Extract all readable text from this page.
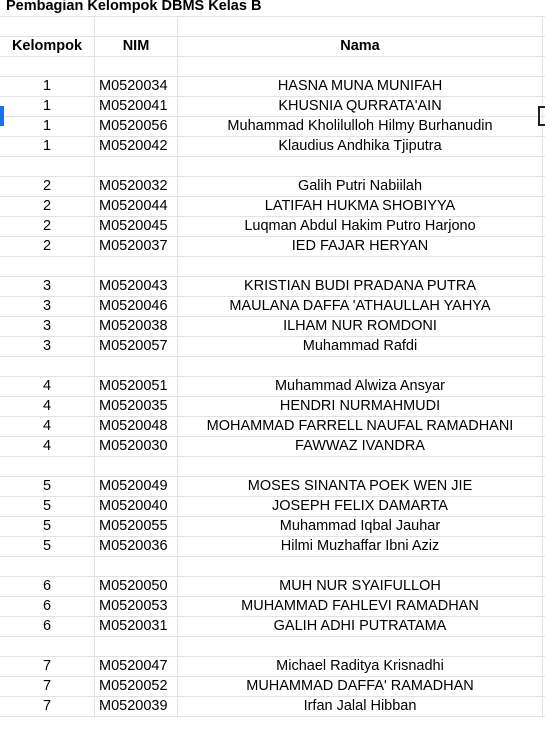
Pembagian Kelompok DBMS Kelas B
Kelompok	NIM	Nama
1	M0520034	HASNA MUNA MUNIFAH
1	M0520041	KHUSNIA QURRATA'AIN
1	M0520056	Muhammad Kholilulloh Hilmy Burhanudin
1	M0520042	Klaudius Andhika Tjiputra
2	M0520032	Galih Putri Nabiilah
2	M0520044	LATIFAH HUKMA SHOBIYYA
2	M0520045	Luqman Abdul Hakim Putro Harjono
2	M0520037	IED FAJAR HERYAN
3	M0520043	KRISTIAN BUDI PRADANA PUTRA
3	M0520046	MAULANA DAFFA 'ATHAULLAH YAHYA
3	M0520038	ILHAM NUR ROMDONI
3	M0520057	Muhammad Rafdi
4	M0520051	Muhammad Alwiza Ansyar
4	M0520035	HENDRI NURMAHMUDI
4	M0520048	MOHAMMAD FARRELL NAUFAL RAMADHANI
4	M0520030	FAWWAZ IVANDRA
5	M0520049	MOSES SINANTA POEK WEN JIE
5	M0520040	JOSEPH FELIX DAMARTA
5	M0520055	Muhammad Iqbal Jauhar
5	M0520036	Hilmi Muzhaffar Ibni Aziz
6	M0520050	MUH NUR SYAIFULLOH
6	M0520053	MUHAMMAD FAHLEVI RAMADHAN
6	M0520031	GALIH ADHI PUTRATAMA
7	M0520047	Michael Raditya Krisnadhi
7	M0520052	MUHAMMAD DAFFA' RAMADHAN
7	M0520039	Irfan Jalal Hibban
